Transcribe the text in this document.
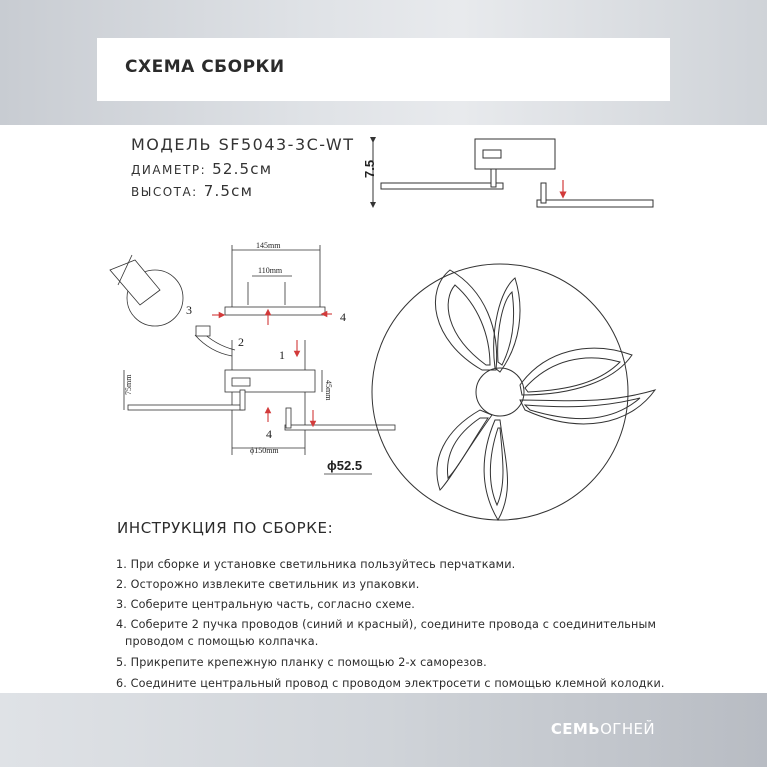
СХЕМА СБОРКИ
МОДЕЛЬ SF5043-3C-WT
ДИАМЕТР: 52.5см
ВЫСОТА: 7.5см
7.5
145mm
110mm
75mm	45mm
ϕ150mm
1
2
3	4
4
ϕ52.5
ИНСТРУКЦИЯ ПО СБОРКЕ:
1. При сборке и установке светильника пользуйтесь перчатками.
2. Осторожно извлеките светильник из упаковки.
3. Соберите центральную часть, согласно схеме.
4. Соберите 2 пучка проводов (синий и красный), соедините провода с соединительным
проводом с помощью колпачка.
5. Прикрепите крепежную планку с помощью 2-х саморезов.
6. Соедините центральный провод с проводом электросети с помощью клемной колодки.
СЕМЬОГНЕЙ
